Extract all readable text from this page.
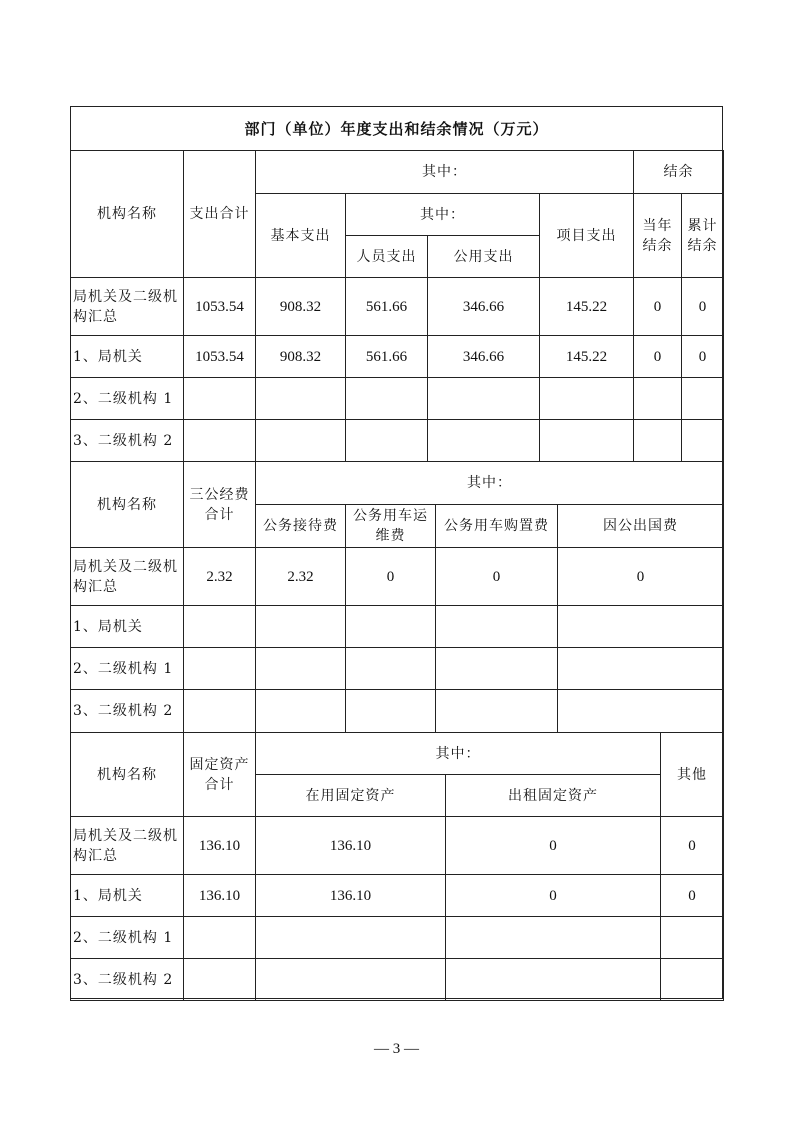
部门（单位）年度支出和结余情况（万元）
机构名称	支出合计	其中：				结余	
		基本支出	其中：		项目支出	当年结余	累计结余
			人员支出	公用支出			
局机关及二级机构汇总	1053.54	908.32	561.66	346.66	145.22	0	0
1、局机关	1053.54	908.32	561.66	346.66	145.22	0	0
2、二级机构 1							
3、二级机构 2							
机构名称	三公经费合计	其中：			
		公务接待费	公务用车运维费	公务用车购置费	因公出国费
局机关及二级机构汇总	2.32	2.32	0	0	0
1、局机关					
2、二级机构 1					
3、二级机构 2					
机构名称	固定资产合计	其中：		其他
		在用固定资产	出租固定资产	
局机关及二级机构汇总	136.10	136.10	0	0
1、局机关	136.10	136.10	0	0
2、二级机构 1				
3、二级机构 2				
— 3 —
